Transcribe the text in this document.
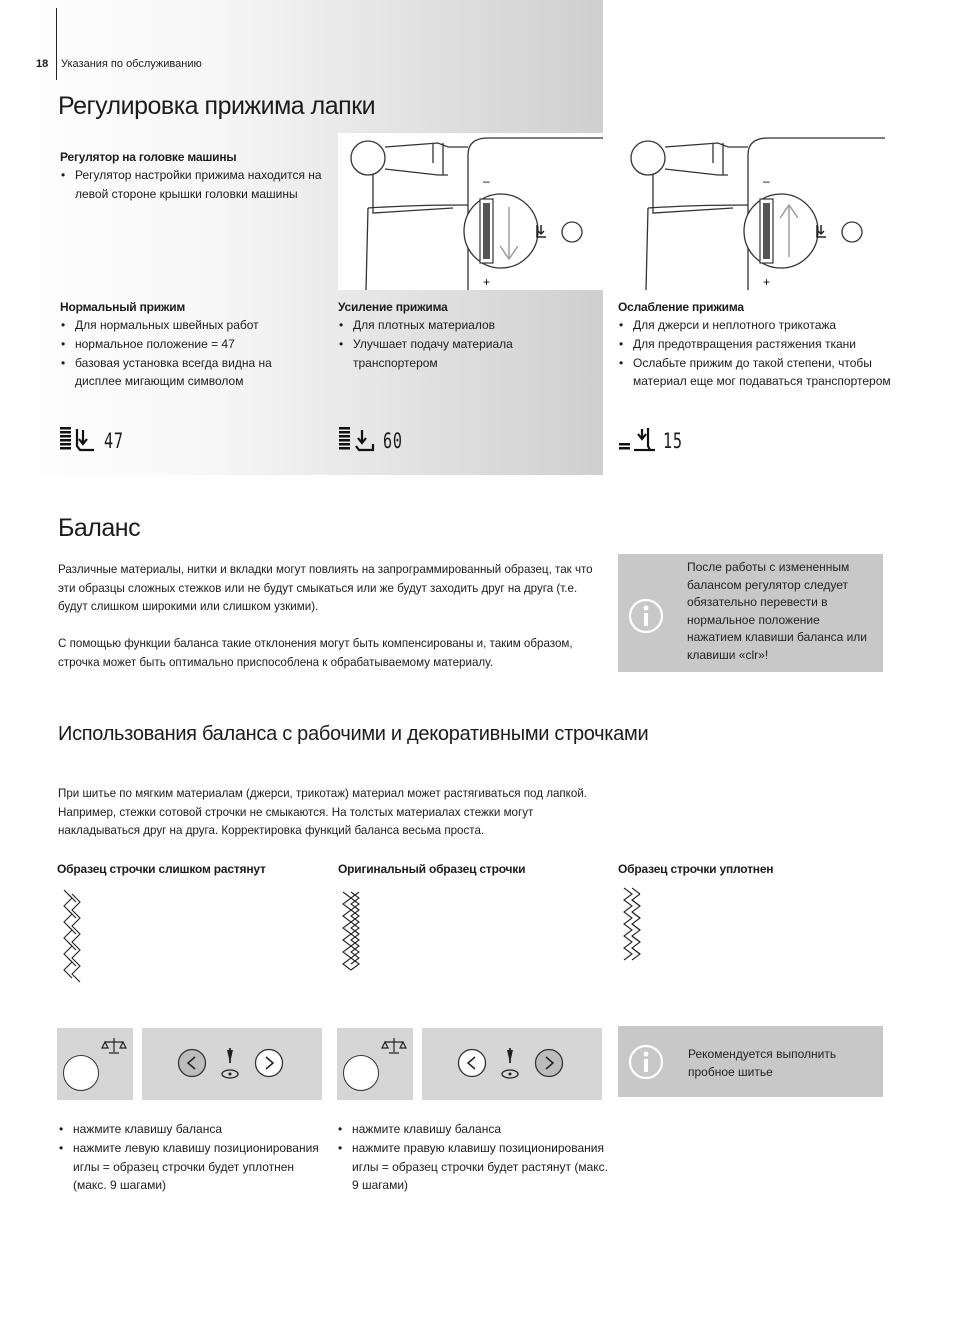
18 Указания по обслуживанию
Регулировка прижима лапки
Регулятор на головке машины
• Регулятор настройки прижима находится на левой стороне крышки головки машины
–
+
–
+
Нормальный прижим
• Для нормальных швейных работ
• нормальное положение = 47
• базовая установка всегда видна на дисплее мигающим символом
Усиление прижима
• Для плотных материалов
• Улучшает подачу материала транспортером
Ослабление прижима
• Для джерси и неплотного трикотажа
• Для предотвращения растяжения ткани
• Ослабьте прижим до такой степени, чтобы материал еще мог подаваться транспортером
47	60	15
Баланс
Различные материалы, нитки и вкладки могут повлиять на запрограммированный образец, так что эти образцы сложных стежков или не будут смыкаться или же будут заходить друг на друга (т.е. будут слишком широкими или слишком узкими).
С помощью функции баланса такие отклонения могут быть компенсированы и, таким образом, строчка может быть оптимально приспособлена к обрабатываемому материалу.
После работы с измененным балансом регулятор следует обязательно перевести в нормальное положение нажатием клавиши баланса или клавиши «clr»!
Использования баланса с рабочими и декоративными строчками
При шитье по мягким материалам (джерси, трикотаж) материал может растягиваться под лапкой. Например, стежки сотовой строчки не смыкаются. На толстых материалах стежки могут накладываться друг на друга. Корректировка функций баланса весьма проста.
Образец строчки слишком растянут	Оригинальный образец строчки	Образец строчки уплотнен
Рекомендуется выполнить пробное шитье
• нажмите клавишу баланса
• нажмите левую клавишу позиционирования иглы = образец строчки будет уплотнен (макс. 9 шагами)
• нажмите клавишу баланса
• нажмите правую клавишу позиционирования иглы = образец строчки будет растянут (макс. 9 шагами)
